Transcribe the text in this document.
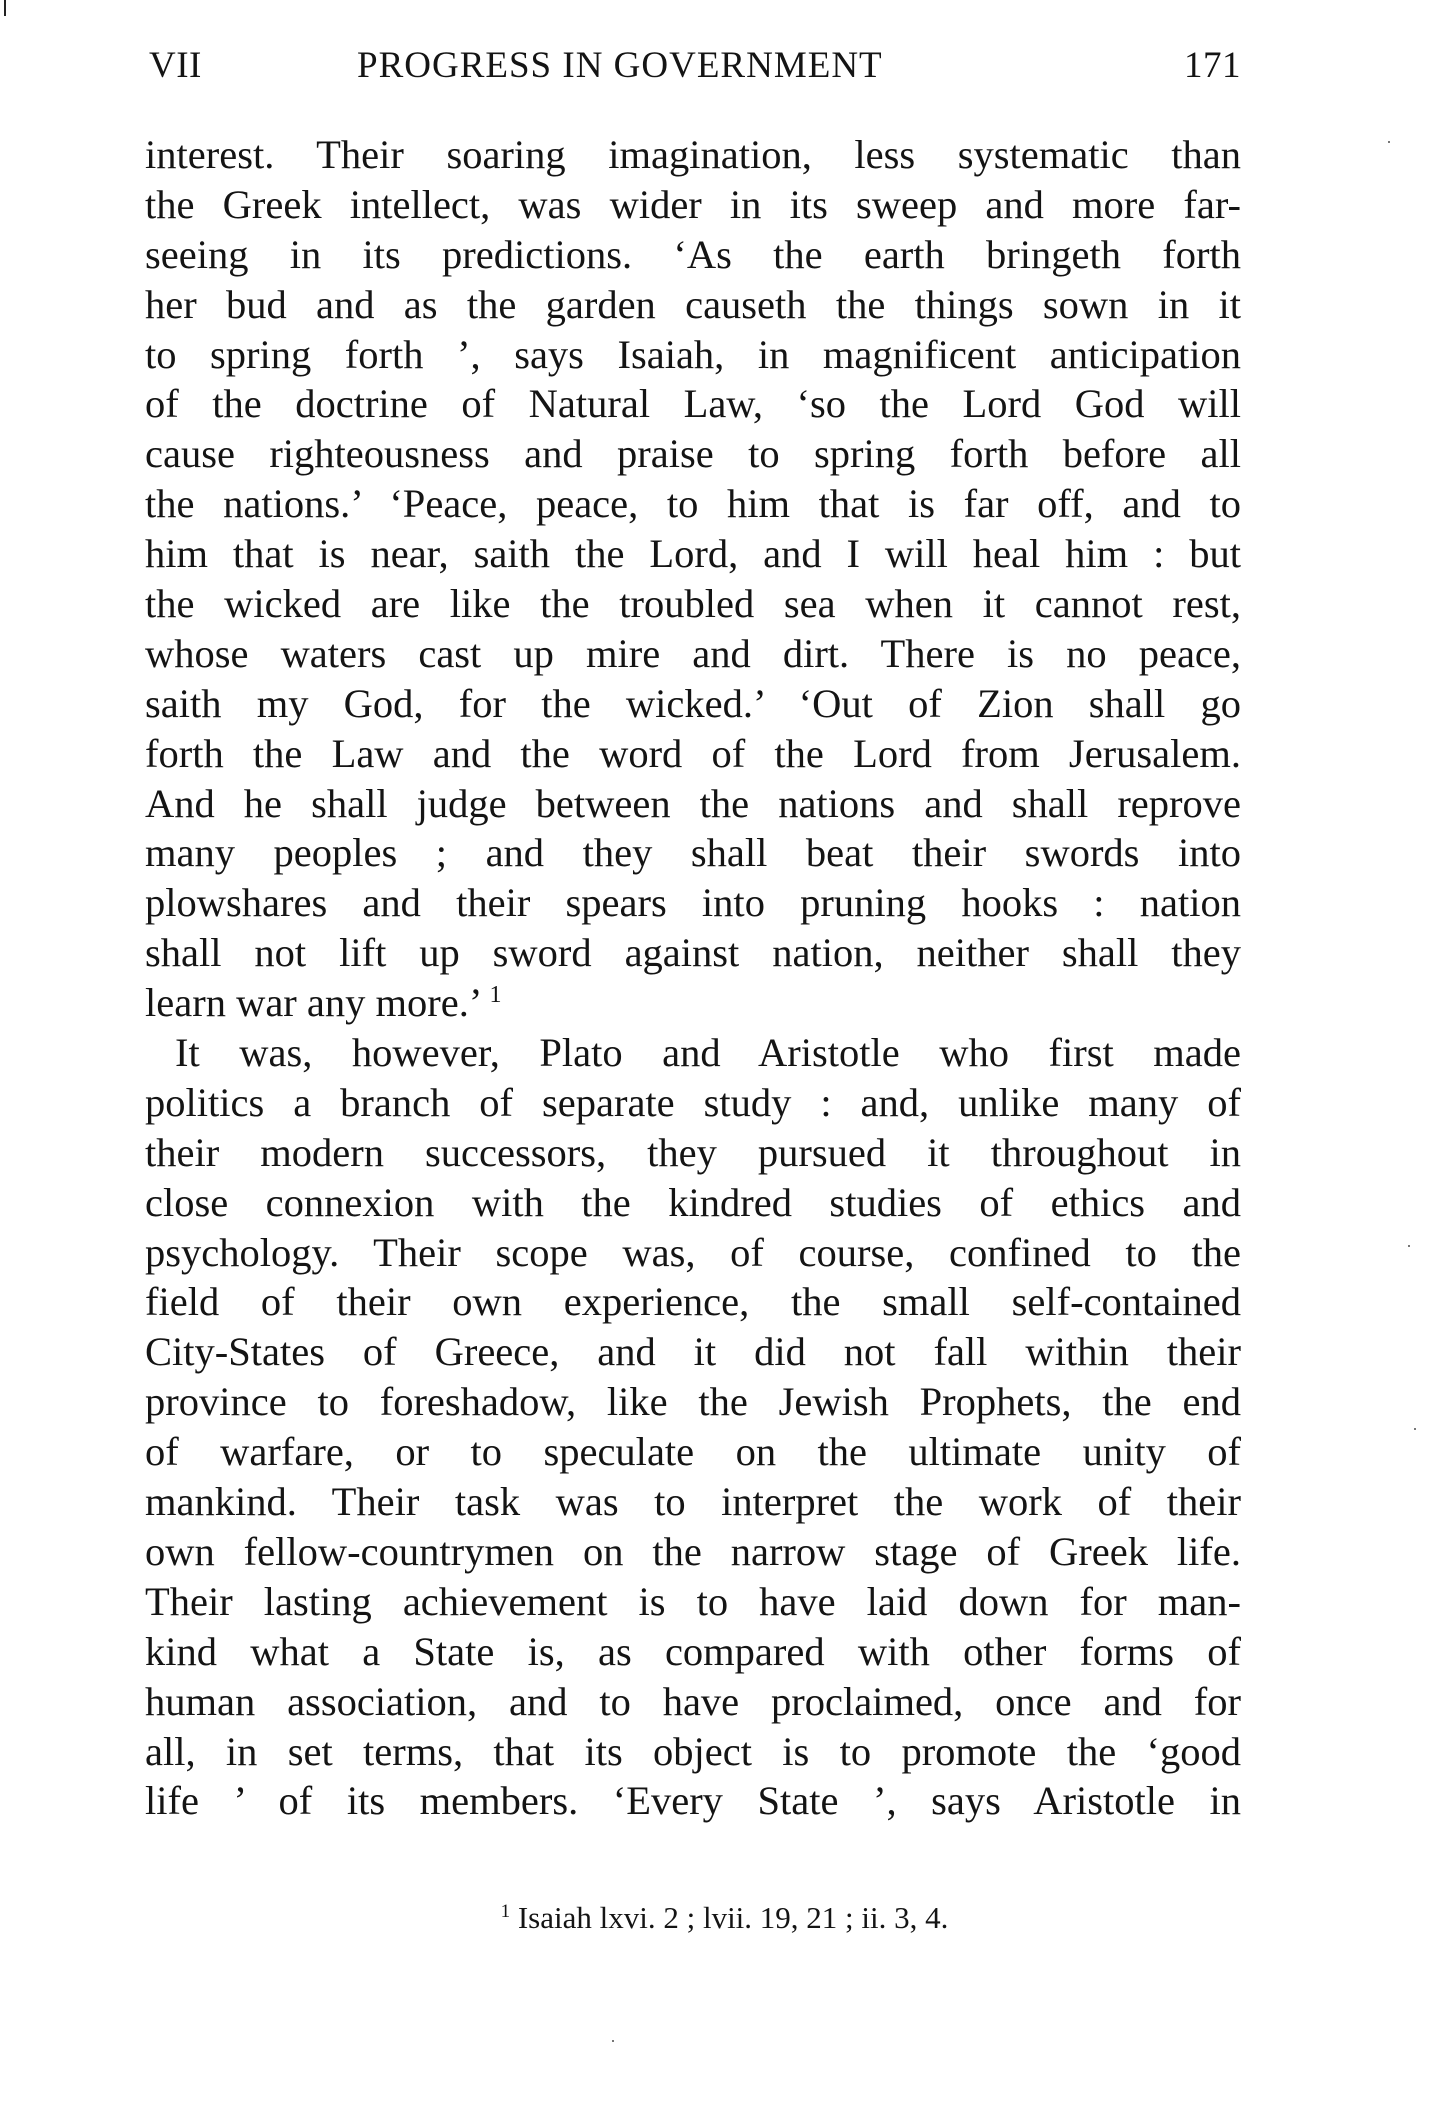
VII	PROGRESS IN GOVERNMENT	171
interest. Their soaring imagination, less systematic than
the Greek intellect, was wider in its sweep and more far-
seeing in its predictions. ‘As the earth bringeth forth
her bud and as the garden causeth the things sown in it
to spring forth ’, says Isaiah, in magnificent anticipation
of the doctrine of Natural Law, ‘so the Lord God will
cause righteousness and praise to spring forth before all
the nations.’ ‘Peace, peace, to him that is far off, and to
him that is near, saith the Lord, and I will heal him : but
the wicked are like the troubled sea when it cannot rest,
whose waters cast up mire and dirt. There is no peace,
saith my God, for the wicked.’ ‘Out of Zion shall go
forth the Law and the word of the Lord from Jerusalem.
And he shall judge between the nations and shall reprove
many peoples ; and they shall beat their swords into
plowshares and their spears into pruning hooks : nation
shall not lift up sword against nation, neither shall they
learn war any more.’ $^1$
It was, however, Plato and Aristotle who first made
politics a branch of separate study : and, unlike many of
their modern successors, they pursued it throughout in
close connexion with the kindred studies of ethics and
psychology. Their scope was, of course, confined to the
field of their own experience, the small self-contained
City-States of Greece, and it did not fall within their
province to foreshadow, like the Jewish Prophets, the end
of warfare, or to speculate on the ultimate unity of
mankind. Their task was to interpret the work of their
own fellow-countrymen on the narrow stage of Greek life.
Their lasting achievement is to have laid down for man-
kind what a State is, as compared with other forms of
human association, and to have proclaimed, once and for
all, in set terms, that its object is to promote the ‘good
life ’ of its members. ‘Every State ’, says Aristotle in
$^1$ Isaiah lxvi. 2 ; lvii. 19, 21 ; ii. 3, 4.
